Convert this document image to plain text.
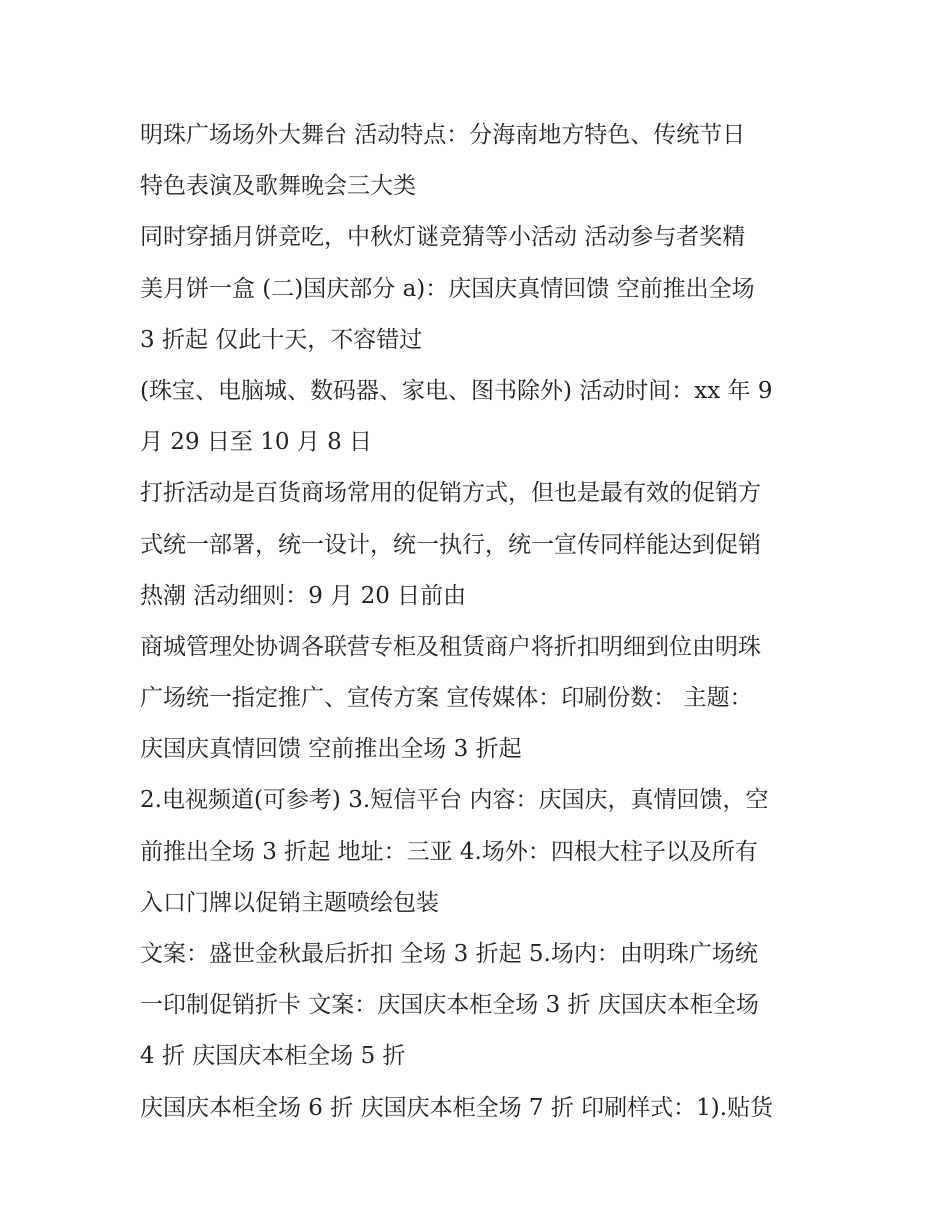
明珠广场场外大舞台 活动特点：分海南地方特色、传统节日
特色表演及歌舞晚会三大类
同时穿插月饼竞吃，中秋灯谜竞猜等小活动 活动参与者奖精
美月饼一盒 (二)国庆部分 a)：庆国庆真情回馈 空前推出全场
3 折起 仅此十天，不容错过
(珠宝、电脑城、数码器、家电、图书除外) 活动时间：xx 年 9
月 29 日至 10 月 8 日
打折活动是百货商场常用的促销方式，但也是最有效的促销方
式统一部署，统一设计，统一执行，统一宣传同样能达到促销
热潮 活动细则：9 月 20 日前由
商城管理处协调各联营专柜及租赁商户将折扣明细到位由明珠
广场统一指定推广、宣传方案 宣传媒体：印刷份数： 主题：
庆国庆真情回馈 空前推出全场 3 折起
2.电视频道(可参考) 3.短信平台 内容：庆国庆，真情回馈，空
前推出全场 3 折起 地址：三亚 4.场外：四根大柱子以及所有
入口门牌以促销主题喷绘包装
文案：盛世金秋最后折扣 全场 3 折起 5.场内：由明珠广场统
一印制促销折卡 文案：庆国庆本柜全场 3 折 庆国庆本柜全场
4 折 庆国庆本柜全场 5 折
庆国庆本柜全场 6 折 庆国庆本柜全场 7 折 印刷样式：1).贴货
